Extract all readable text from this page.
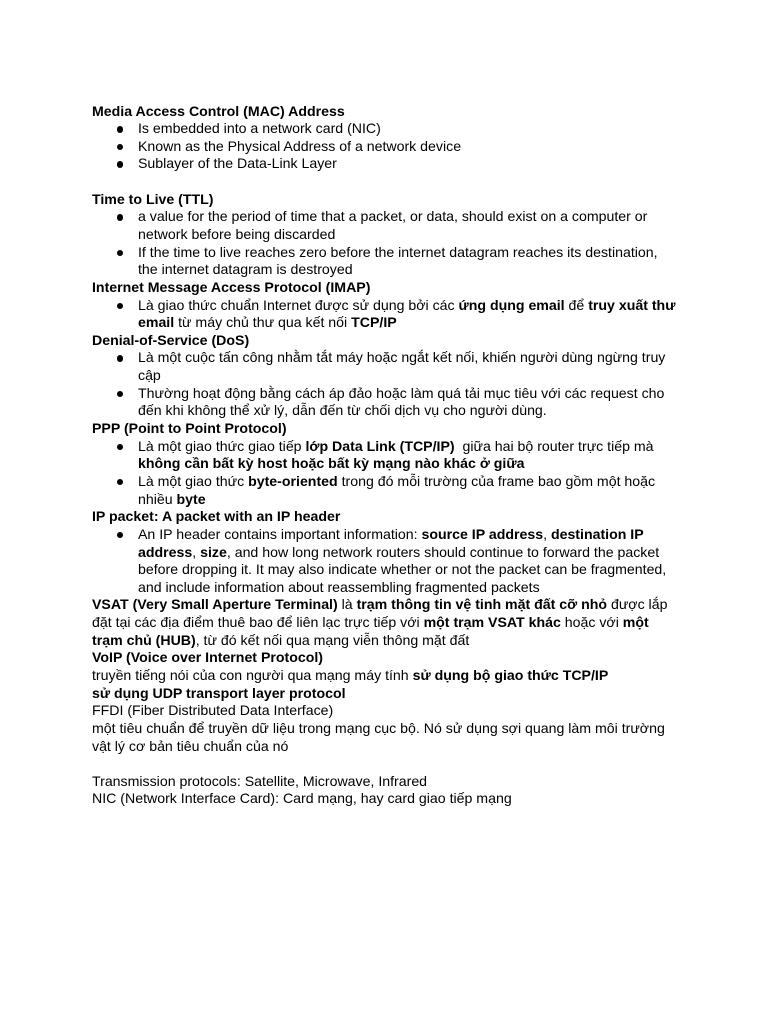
Media Access Control (MAC) Address
Is embedded into a network card (NIC)
Known as the Physical Address of a network device
Sublayer of the Data-Link Layer
Time to Live (TTL)
a value for the period of time that a packet, or data, should exist on a computer or network before being discarded
If the time to live reaches zero before the internet datagram reaches its destination, the internet datagram is destroyed
Internet Message Access Protocol (IMAP)
Là giao thức chuẩn Internet được sử dụng bởi các ứng dụng email để truy xuất thư email từ máy chủ thư qua kết nối TCP/IP
Denial-of-Service (DoS)
Là một cuộc tấn công nhằm tắt máy hoặc ngắt kết nối, khiến người dùng ngừng truy cập
Thường hoạt động bằng cách áp đảo hoặc làm quá tải mục tiêu với các request cho đến khi không thể xử lý, dẫn đến từ chối dịch vụ cho người dùng.
PPP (Point to Point Protocol)
Là một giao thức giao tiếp lớp Data Link (TCP/IP)  giữa hai bộ router trực tiếp mà không cần bất kỳ host hoặc bất kỳ mạng nào khác ở giữa
Là một giao thức byte-oriented trong đó mỗi trường của frame bao gồm một hoặc nhiều byte
IP packet: A packet with an IP header
An IP header contains important information: source IP address, destination IP address, size, and how long network routers should continue to forward the packet before dropping it. It may also indicate whether or not the packet can be fragmented, and include information about reassembling fragmented packets
VSAT (Very Small Aperture Terminal) là trạm thông tin vệ tinh mặt đất cỡ nhỏ được lắp đặt tại các địa điểm thuê bao để liên lạc trực tiếp với một trạm VSAT khác hoặc với một trạm chủ (HUB), từ đó kết nối qua mạng viễn thông mặt đất
VoIP (Voice over Internet Protocol)
truyền tiếng nói của con người qua mạng máy tính sử dụng bộ giao thức TCP/IP
sử dụng UDP transport layer protocol
FFDI (Fiber Distributed Data Interface)
một tiêu chuẩn để truyền dữ liệu trong mạng cục bộ. Nó sử dụng sợi quang làm môi trường vật lý cơ bản tiêu chuẩn của nó
Transmission protocols: Satellite, Microwave, Infrared
NIC (Network Interface Card): Card mạng, hay card giao tiếp mạng
